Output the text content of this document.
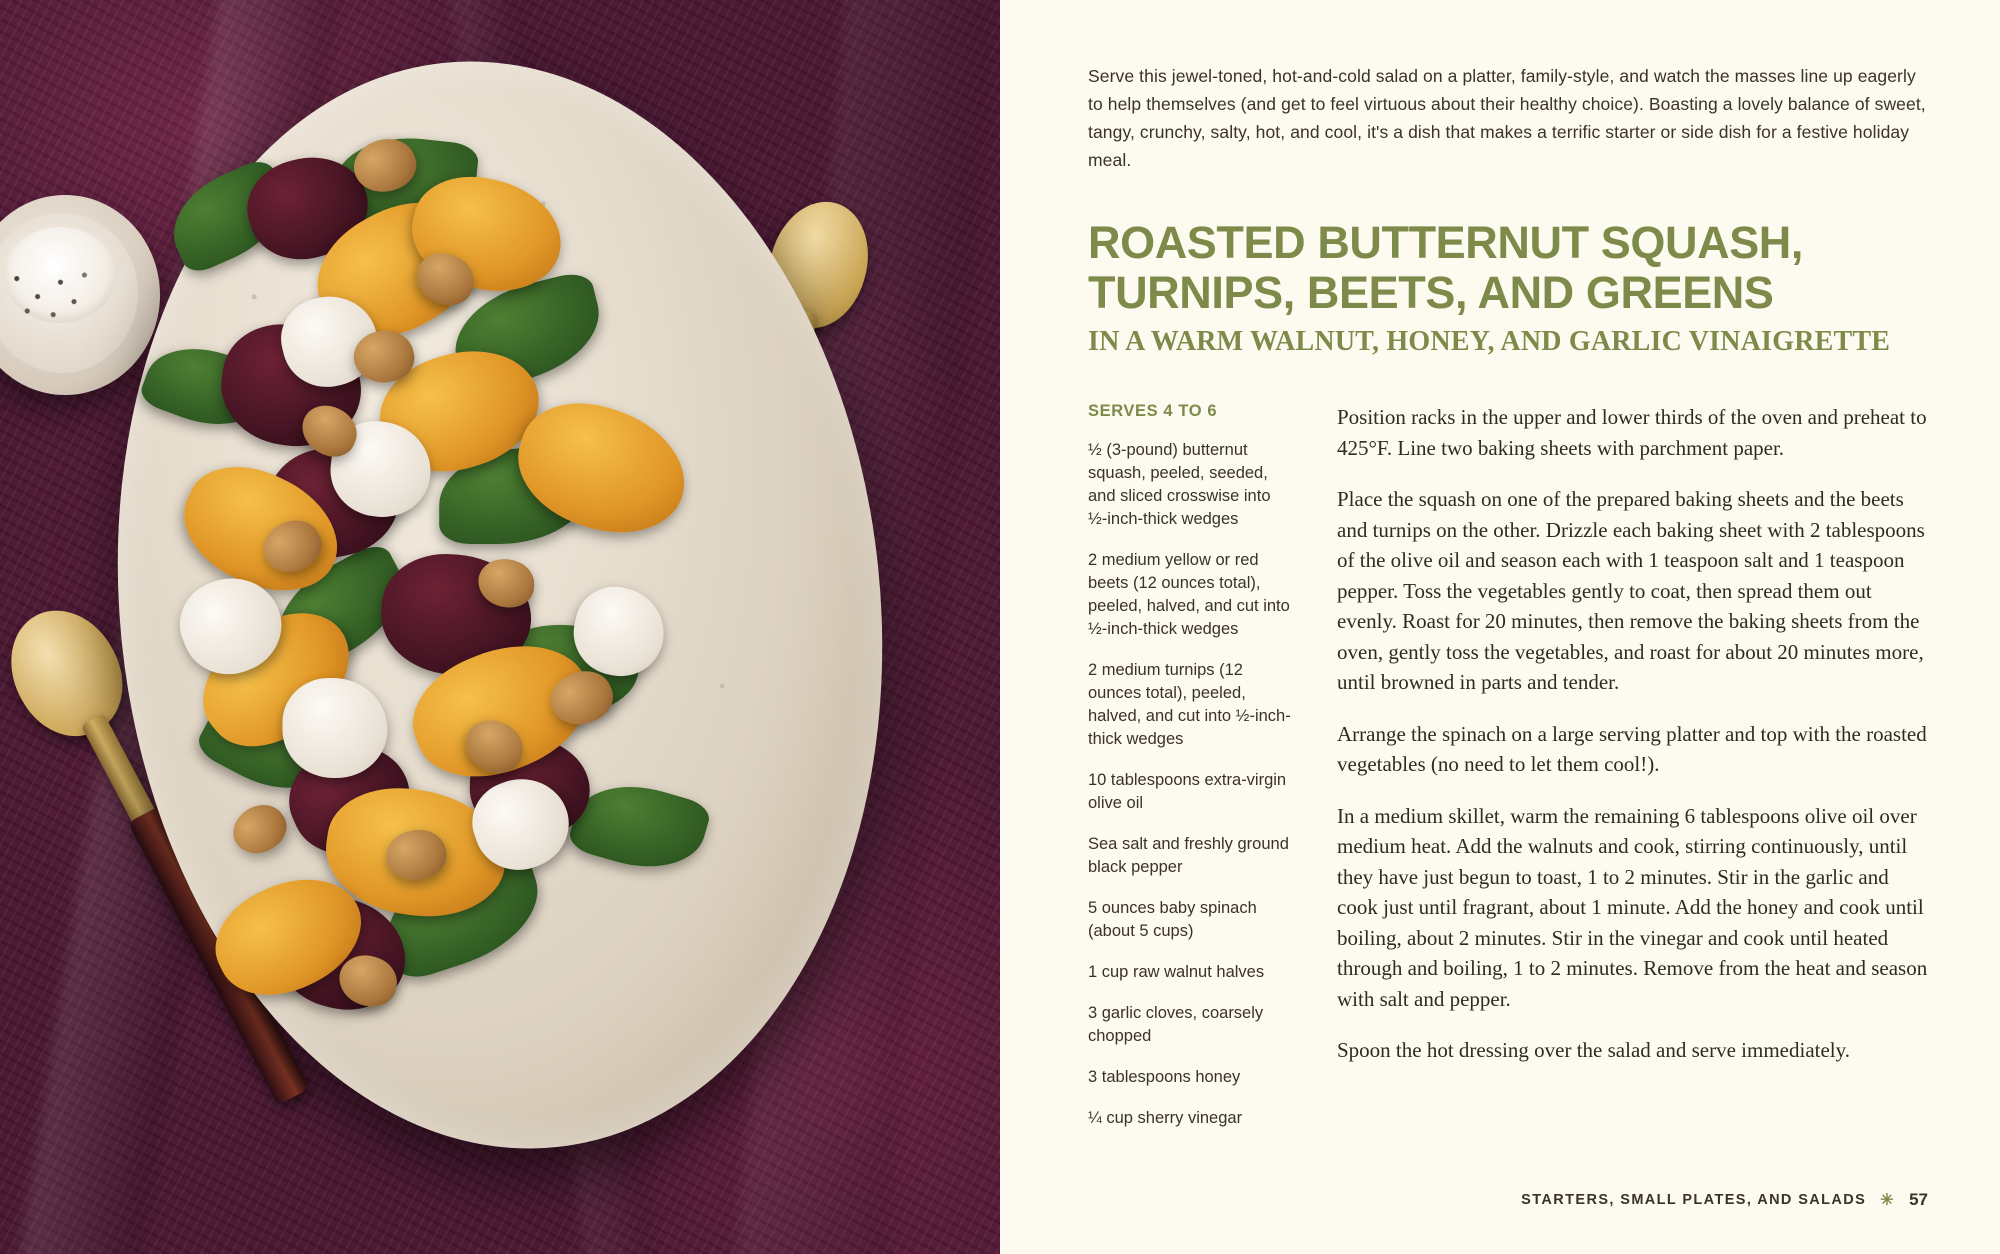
Serve this jewel-toned, hot-and-cold salad on a platter, family-style, and watch the masses line up eagerly to help themselves (and get to feel virtuous about their healthy choice). Boasting a lovely balance of sweet, tangy, crunchy, salty, hot, and cool, it's a dish that makes a terrific starter or side dish for a festive holiday meal.

ROASTED BUTTERNUT SQUASH, TURNIPS, BEETS, AND GREENS
IN A WARM WALNUT, HONEY, AND GARLIC VINAIGRETTE
SERVES 4 TO 6

½ (3-pound) butternut squash, peeled, seeded, and sliced crosswise into ½-inch-thick wedges

2 medium yellow or red beets (12 ounces total), peeled, halved, and cut into ½-inch-thick wedges

2 medium turnips (12 ounces total), peeled, halved, and cut into ½-inch-thick wedges

10 tablespoons extra-virgin olive oil

Sea salt and freshly ground black pepper

5 ounces baby spinach (about 5 cups)

1 cup raw walnut halves

3 garlic cloves, coarsely chopped

3 tablespoons honey

¼ cup sherry vinegar

Position racks in the upper and lower thirds of the oven and preheat to 425°F. Line two baking sheets with parchment paper.

Place the squash on one of the prepared baking sheets and the beets and turnips on the other. Drizzle each baking sheet with 2 tablespoons of the olive oil and season each with 1 teaspoon salt and 1 teaspoon pepper. Toss the vegetables gently to coat, then spread them out evenly. Roast for 20 minutes, then remove the baking sheets from the oven, gently toss the vegetables, and roast for about 20 minutes more, until browned in parts and tender.

Arrange the spinach on a large serving platter and top with the roasted vegetables (no need to let them cool!).

In a medium skillet, warm the remaining 6 tablespoons olive oil over medium heat. Add the walnuts and cook, stirring continuously, until they have just begun to toast, 1 to 2 minutes. Stir in the garlic and cook just until fragrant, about 1 minute. Add the honey and cook until boiling, about 2 minutes. Stir in the vinegar and cook until heated through and boiling, 1 to 2 minutes. Remove from the heat and season with salt and pepper.

Spoon the hot dressing over the salad and serve immediately.

STARTERS, SMALL PLATES, AND SALADS ✳ 57
